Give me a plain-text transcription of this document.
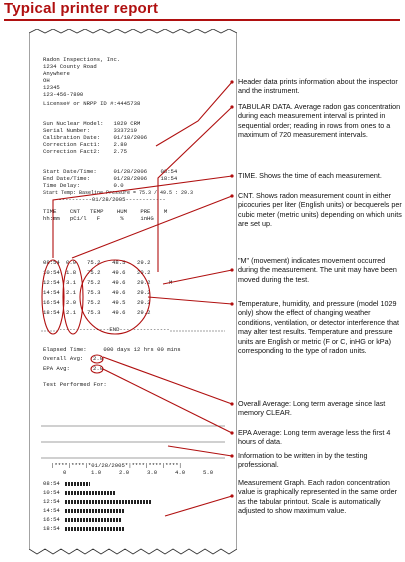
Typical printer report
Radon Inspections, Inc.
1234 County Road
Anywhere
OH
12345
123-456-7890
License# or NRPP ID #:4445738
Sun Nuclear Model:   1029 CRM
Serial Number:       3337219
Calibration Date:    01/10/2006
Correction Fact1:    2.80
Correction Fact2:    2.75
Start Date/Time:     01/28/2006    08:54
End Date/Time:       01/28/2006    18:54
Time Delay:          0.0
Start Temp: Baseline Pressure = 75.3 / 49.5 : 29.3
-----------01/28/2005------------
TIME    CNT   TEMP    HUM    PRE    M
hh:mm   pCi/l   F      %     inHG
08:54 0.9 75.2 48.5 29.2
10:54 1.8 75.2 49.6 29.2
12:54 3.1 75.2 49.6 29.2	M
14:54 2.1 75.3 49.6 29.2
16:54 2.0 75.2 49.5 29.2
18:54 2.1 75.3 49.6 29.2
---------------END---------------
Elapsed Time:     000 days 12 hrs 00 mins
Overall Avg: 2.0
EPA Avg:	2.0
Test Performed For:
|****|****|*01/28/2005*|****|****|****|
0	1.0	2.0	3.0	4.0	5.0
08:54
10:54
12:54
14:54
16:54
18:54
Header data prints information about the inspector and the instrument.
TABULAR DATA. Average radon gas concentration during each measurement interval is printed in sequential order; reading in rows from ones to a maximum of 720 measurement intervals.
TIME. Shows the time of each measurement.
CNT. Shows radon measurement count in either picocuries per liter (English units) or becquerels per cubic meter (metric units) depending on which units are set up.
"M" (movement) indicates movement occurred during the measurement. The unit may have been moved during the test.
Temperature, humidity, and pressure (model 1029 only) show the effect of changing weather conditions, ventilation, or detector interference that may alter test results. Temperature and pressure units are English or metric (F or C, inHG or kPa) corresponding to the type of radon units.
Overall Average: Long term average since last memory CLEAR.
EPA Average: Long term average less the first 4 hours of data.
Information to be written in by the testing professional.
Measurement Graph. Each radon concentration value is graphically represented in the same order as the tabular printout. Scale is automatically adjusted to show maximum value.
